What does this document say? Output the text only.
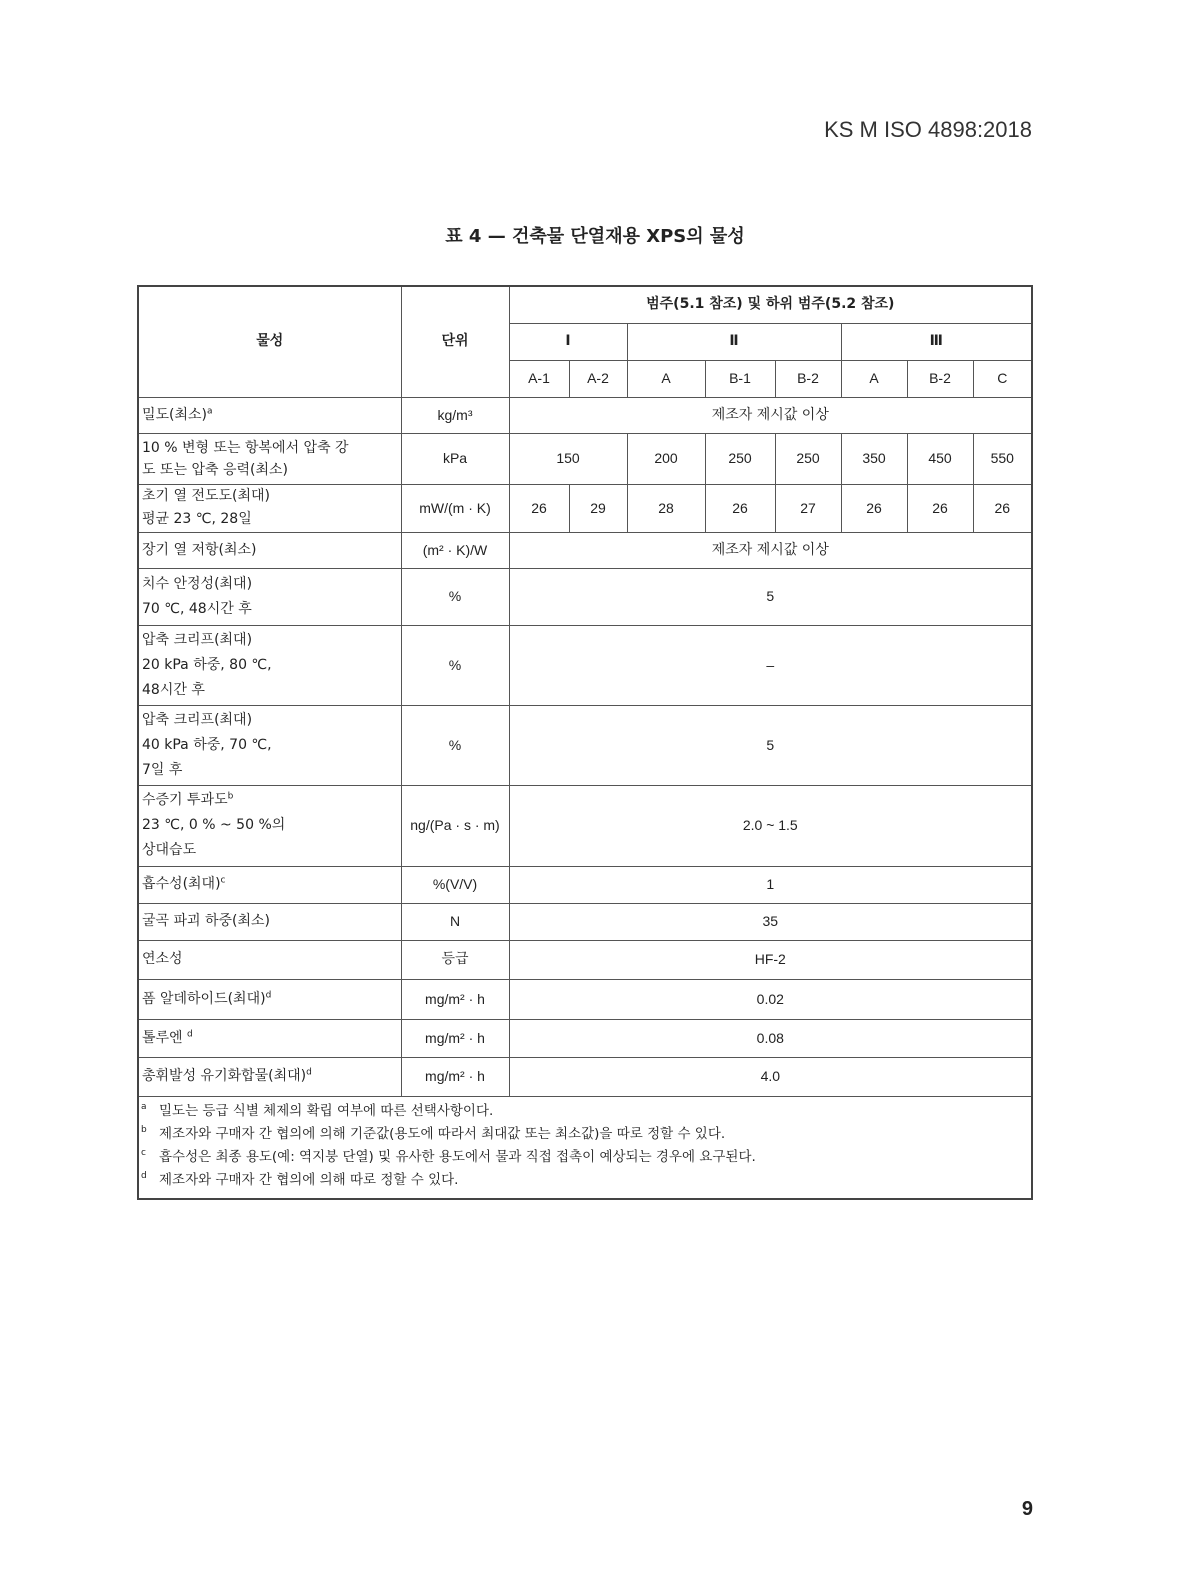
KS M ISO 4898:2018
표 4 — 건축물 단열재용 XPS의 물성
물성	단위	범주(5.1 참조) 및 하위 범주(5.2 참조)							
		I		Ⅱ			Ⅲ		
		A-1	A-2	A	B-1	B-2	A	B-2	C
밀도(최소)$^a$	kg/m³	제조자 제시값 이상							

10 % 변형 또는 항복에서 압축 강
도 또는 압축 응력(최소)	kPa	150		200	250	250	350	450	550

초기 열 전도도(최대)
평균 23 ℃, 28일	mW/(m · K)	26	29	28	26	27	26	26	26
장기 열 저항(최소)	(m² · K)/W	제조자 제시값 이상							

치수 안정성(최대)
70 ℃, 48시간 후	%	5							

압축 크리프(최대)
20 kPa 하중, 80 ℃,
48시간 후	%	–							

압축 크리프(최대)
40 kPa 하중, 70 ℃,
7일 후	%	5							

수증기 투과도$^b$
23 ℃, 0 % ~ 50 %의
상대습도	ng/(Pa · s · m)	2.0 ~ 1.5							
흡수성(최대)$^c$	%(V/V)	1							
굴곡 파괴 하중(최소)	N	35							
연소성	등급	HF-2							
폼 알데하이드(최대)$^d$	mg/m² · h	0.02							
톨루엔 $^d$	mg/m² · h	0.08							
총휘발성 유기화합물(최대)$^d$	mg/m² · h	4.0							

a 밀도는 등급 식별 체제의 확립 여부에 따른 선택사항이다.
b 제조자와 구매자 간 협의에 의해 기준값(용도에 따라서 최대값 또는 최소값)을 따로 정할 수 있다.
c 흡수성은 최종 용도(예: 역지붕 단열) 및 유사한 용도에서 물과 직접 접촉이 예상되는 경우에 요구된다.
d 제조자와 구매자 간 협의에 의해 따로 정할 수 있다.									
9
